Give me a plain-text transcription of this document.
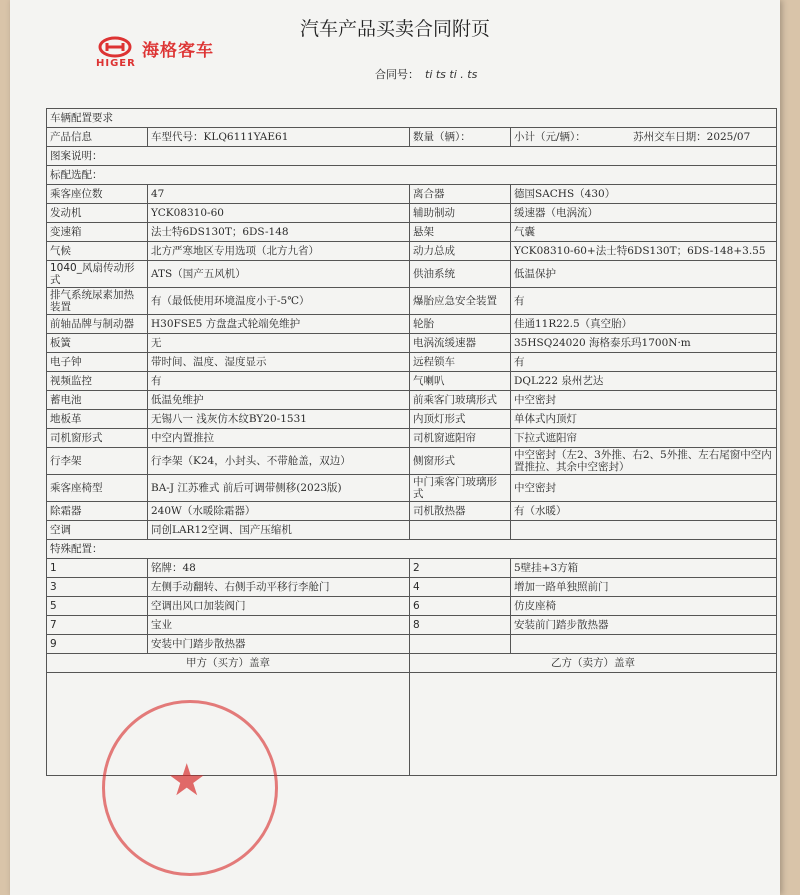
海格客车
HIGER
汽车产品买卖合同附页
合同号： ti ts ti . ts
车辆配置要求			
产品信息	车型代号：KLQ6111YAE61	数量（辆）：	小计（元/辆）： 苏州交车日期：2025/07
图案说明：			
标配选配：			
乘客座位数	47	离合器	德国SACHS（430）
发动机	YCK08310-60	辅助制动	缓速器（电涡流）
变速箱	法士特6DS130T；6DS-148	悬架	气囊
气候	北方严寒地区专用选项（北方九省）	动力总成	YCK08310-60+法士特6DS130T；6DS-148+3.55
1040_风扇传动形式	ATS（国产五风机）	供油系统	低温保护
排气系统尿素加热装置	有（最低使用环境温度小于-5℃）	爆胎应急安全装置	有
前轴品牌与制动器	H30FSE5 方盘盘式轮端免维护	轮胎	佳通11R22.5（真空胎）
板簧	无	电涡流缓速器	35HSQ24020 海格泰乐玛1700N·m
电子钟	带时间、温度、湿度显示	远程锁车	有
视频监控	有	气喇叭	DQL222 泉州艺达
蓄电池	低温免维护	前乘客门玻璃形式	中空密封
地板革	无锡八一 浅灰仿木纹BY20-1531	内顶灯形式	单体式内顶灯
司机窗形式	中空内置推拉	司机窗遮阳帘	下拉式遮阳帘
行李架	行李架（K24，小封头、不带舱盖，双边）	侧窗形式	中空密封（左2、3外推、右2、5外推、左右尾窗中空内置推拉、其余中空密封）
乘客座椅型	BA-J 江苏雅式 前后可调带侧移(2023版)	中门乘客门玻璃形式	中空密封
除霜器	240W（水暖除霜器）	司机散热器	有（水暖）
空调	同创LAR12空调、国产压缩机		
特殊配置：			
1	铭牌：48	2	5壁挂+3方箱
3	左侧手动翻转、右侧手动平移行李舱门	4	增加一路单独照前门
5	空调出风口加装阀门	6	仿皮座椅
7	宝业	8	安装前门踏步散热器
9	安装中门踏步散热器		
甲方（买方）盖章		乙方（卖方）盖章	

★
